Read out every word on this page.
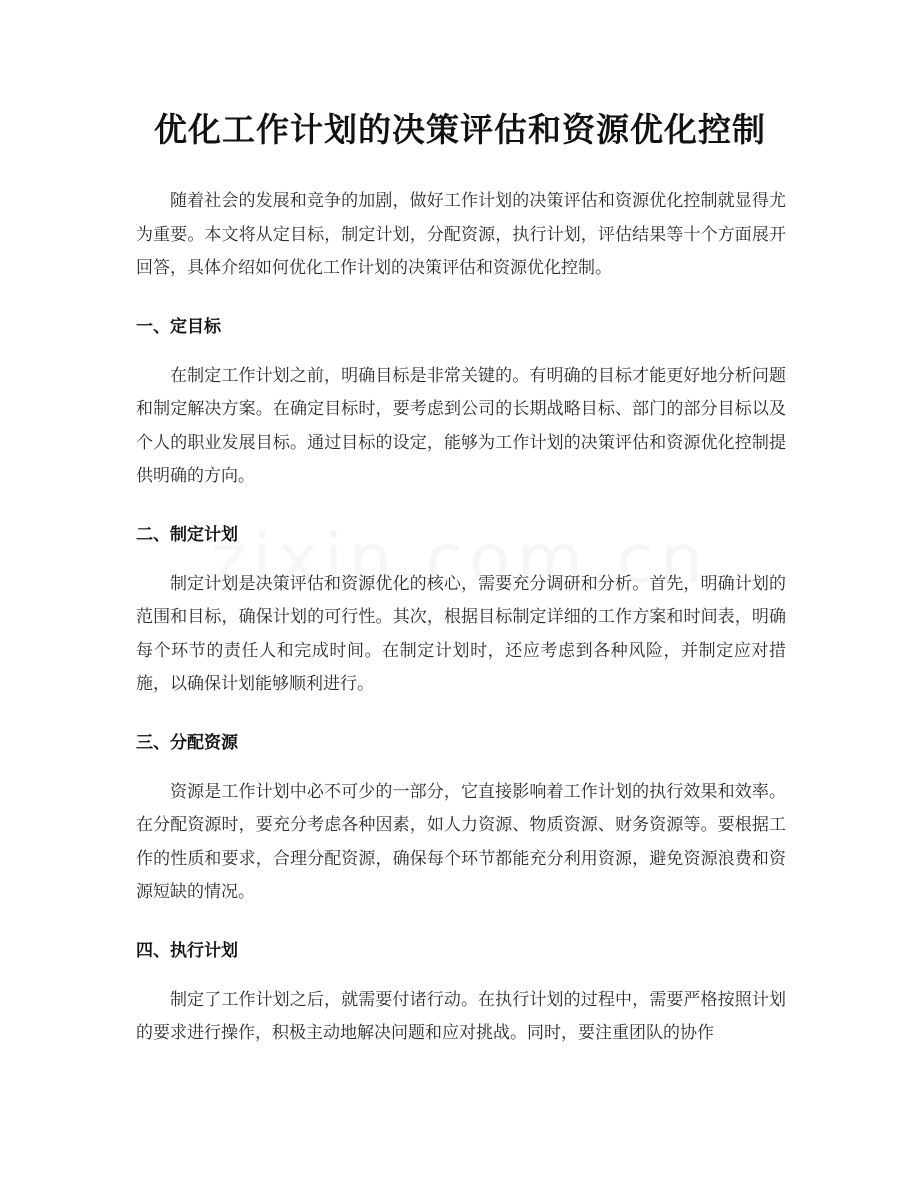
优化工作计划的决策评估和资源优化控制

随着社会的发展和竞争的加剧，做好工作计划的决策评估和资源优化控制就显得尤为重要。本文将从定目标，制定计划，分配资源，执行计划，评估结果等十个方面展开回答，具体介绍如何优化工作计划的决策评估和资源优化控制。

一、定目标

在制定工作计划之前，明确目标是非常关键的。有明确的目标才能更好地分析问题和制定解决方案。在确定目标时，要考虑到公司的长期战略目标、部门的部分目标以及个人的职业发展目标。通过目标的设定，能够为工作计划的决策评估和资源优化控制提供明确的方向。

二、制定计划

制定计划是决策评估和资源优化的核心，需要充分调研和分析。首先，明确计划的范围和目标，确保计划的可行性。其次，根据目标制定详细的工作方案和时间表，明确每个环节的责任人和完成时间。在制定计划时，还应考虑到各种风险，并制定应对措施，以确保计划能够顺利进行。

三、分配资源

资源是工作计划中必不可少的一部分，它直接影响着工作计划的执行效果和效率。在分配资源时，要充分考虑各种因素，如人力资源、物质资源、财务资源等。要根据工作的性质和要求，合理分配资源，确保每个环节都能充分利用资源，避免资源浪费和资源短缺的情况。

四、执行计划

制定了工作计划之后，就需要付诸行动。在执行计划的过程中，需要严格按照计划的要求进行操作，积极主动地解决问题和应对挑战。同时，要注重团队的协作
